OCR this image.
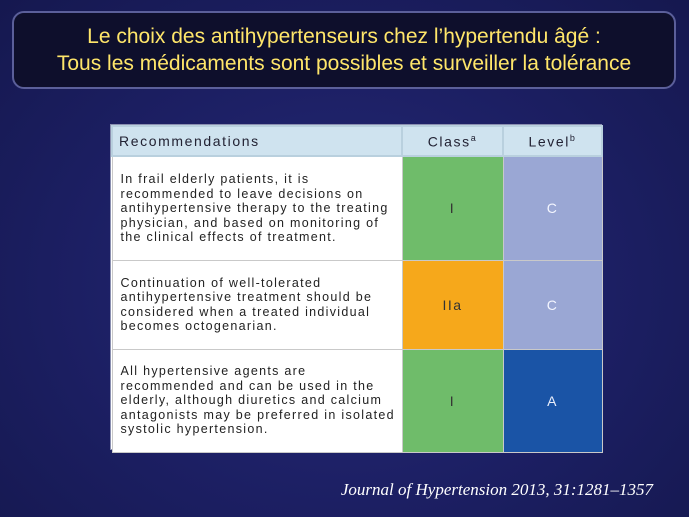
Le choix des antihypertenseurs chez l’hypertendu âgé :
Tous les médicaments sont possibles et surveiller la tolérance
Recommendations	Class$^a$	Level$^b$
In frail elderly patients, it is recommended to leave decisions on antihypertensive therapy to the treating physician, and based on monitoring of the clinical effects of treatment.	I	C
Continuation of well-tolerated antihypertensive treatment should be considered when a treated individual becomes octogenarian.	IIa	C
All hypertensive agents are recommended and can be used in the elderly, although diuretics and calcium antagonists may be preferred in isolated systolic hypertension.	I	A
Journal of Hypertension 2013, 31:1281–1357
